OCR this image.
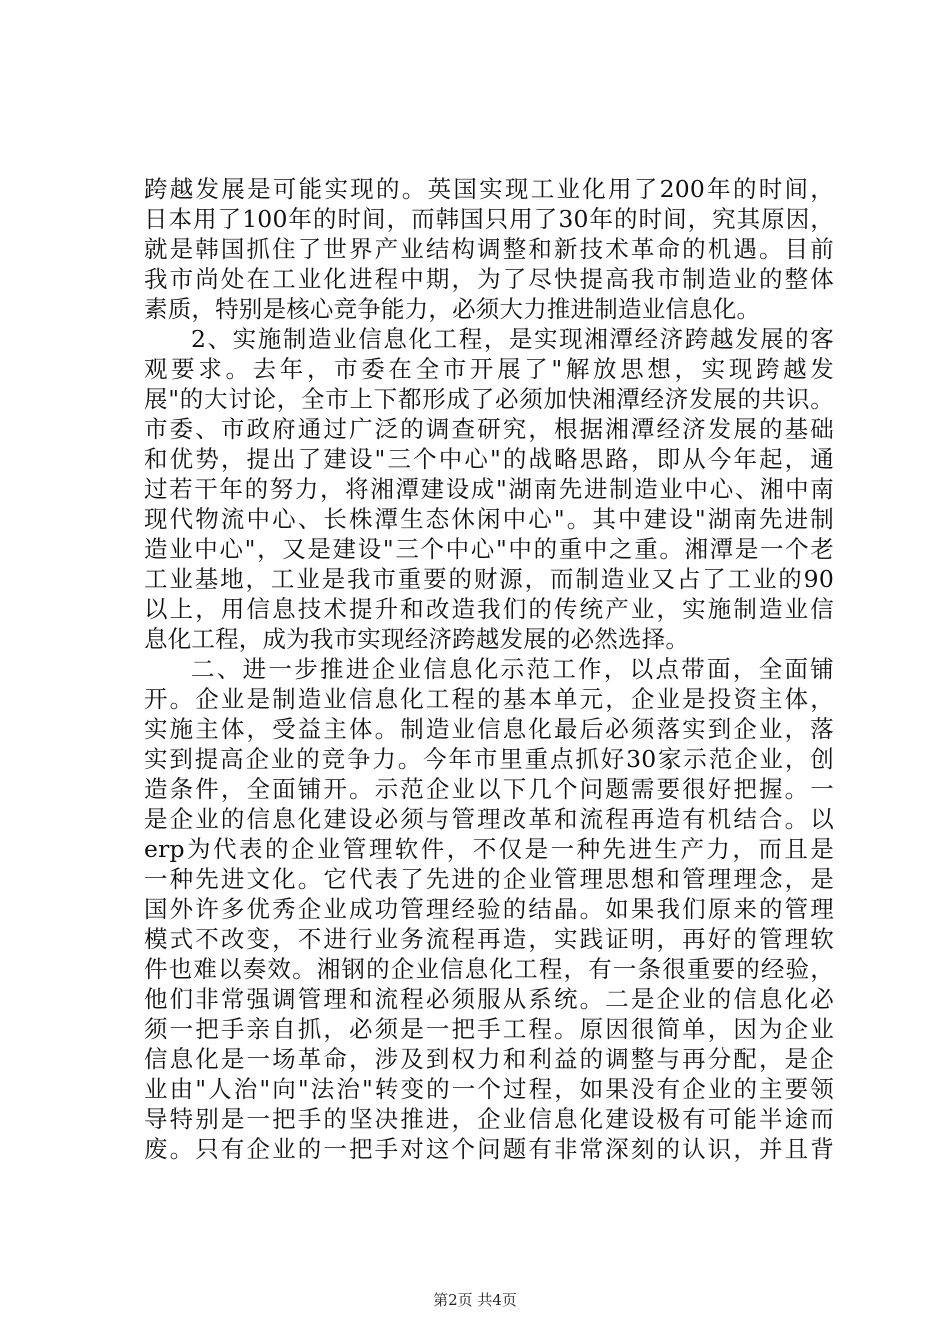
跨越发展是可能实现的。英国实现工业化用了200年的时间，
日本用了100年的时间，而韩国只用了30年的时间，究其原因，
就是韩国抓住了世界产业结构调整和新技术革命的机遇。目前
我市尚处在工业化进程中期，为了尽快提高我市制造业的整体
素质，特别是核心竞争能力，必须大力推进制造业信息化。
2、实施制造业信息化工程，是实现湘潭经济跨越发展的客
观要求。去年，市委在全市开展了"解放思想，实现跨越发
展"的大讨论，全市上下都形成了必须加快湘潭经济发展的共识。
市委、市政府通过广泛的调查研究，根据湘潭经济发展的基础
和优势，提出了建设"三个中心"的战略思路，即从今年起，通
过若干年的努力，将湘潭建设成"湖南先进制造业中心、湘中南
现代物流中心、长株潭生态休闲中心"。其中建设"湖南先进制
造业中心"，又是建设"三个中心"中的重中之重。湘潭是一个老
工业基地，工业是我市重要的财源，而制造业又占了工业的90
以上，用信息技术提升和改造我们的传统产业，实施制造业信
息化工程，成为我市实现经济跨越发展的必然选择。
二、进一步推进企业信息化示范工作，以点带面，全面铺
开。企业是制造业信息化工程的基本单元，企业是投资主体，
实施主体，受益主体。制造业信息化最后必须落实到企业，落
实到提高企业的竞争力。今年市里重点抓好30家示范企业，创
造条件，全面铺开。示范企业以下几个问题需要很好把握。一
是企业的信息化建设必须与管理改革和流程再造有机结合。以
erp为代表的企业管理软件，不仅是一种先进生产力，而且是
一种先进文化。它代表了先进的企业管理思想和管理理念，是
国外许多优秀企业成功管理经验的结晶。如果我们原来的管理
模式不改变，不进行业务流程再造，实践证明，再好的管理软
件也难以奏效。湘钢的企业信息化工程，有一条很重要的经验，
他们非常强调管理和流程必须服从系统。二是企业的信息化必
须一把手亲自抓，必须是一把手工程。原因很简单，因为企业
信息化是一场革命，涉及到权力和利益的调整与再分配，是企
业由"人治"向"法治"转变的一个过程，如果没有企业的主要领
导特别是一把手的坚决推进，企业信息化建设极有可能半途而
废。只有企业的一把手对这个问题有非常深刻的认识，并且背
第2页 共4页
